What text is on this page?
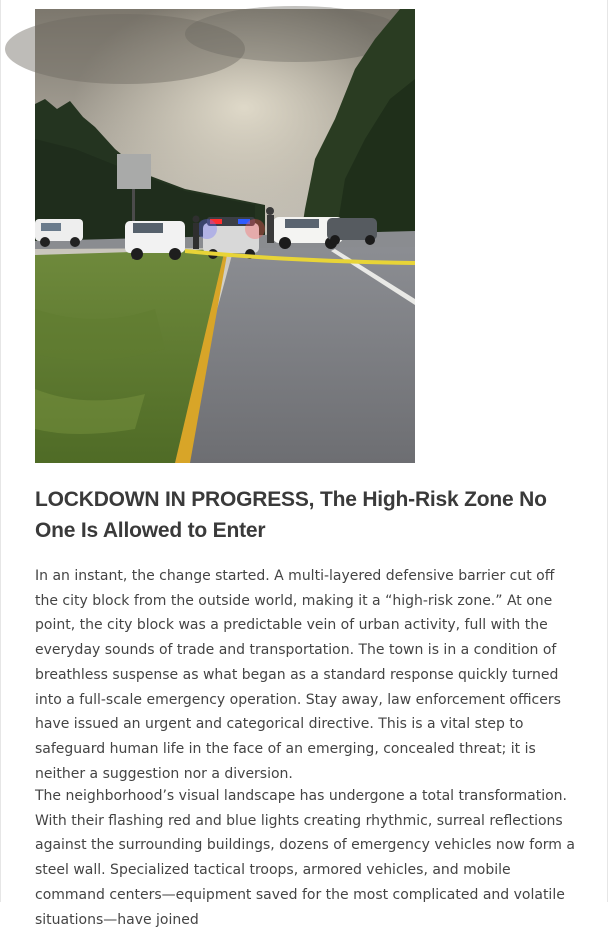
LOCKDOWN IN PROGRESS, The High-Risk Zone No One Is Allowed to Enter

In an instant, the change started. A multi-layered defensive barrier cut off the city block from the outside world, making it a “high-risk zone.” At one point, the city block was a predictable vein of urban activity, full with the everyday sounds of trade and transportation. The town is in a condition of breathless suspense as what began as a standard response quickly turned into a full-scale emergency operation. Stay away, law enforcement officers have issued an urgent and categorical directive. This is a vital step to safeguard human life in the face of an emerging, concealed threat; it is neither a suggestion nor a diversion.

The neighborhood’s visual landscape has undergone a total transformation. With their flashing red and blue lights creating rhythmic, surreal reflections against the surrounding buildings, dozens of emergency vehicles now form a steel wall. Specialized tactical troops, armored vehicles, and mobile command centers—equipment saved for the most complicated and volatile situations—have joined
